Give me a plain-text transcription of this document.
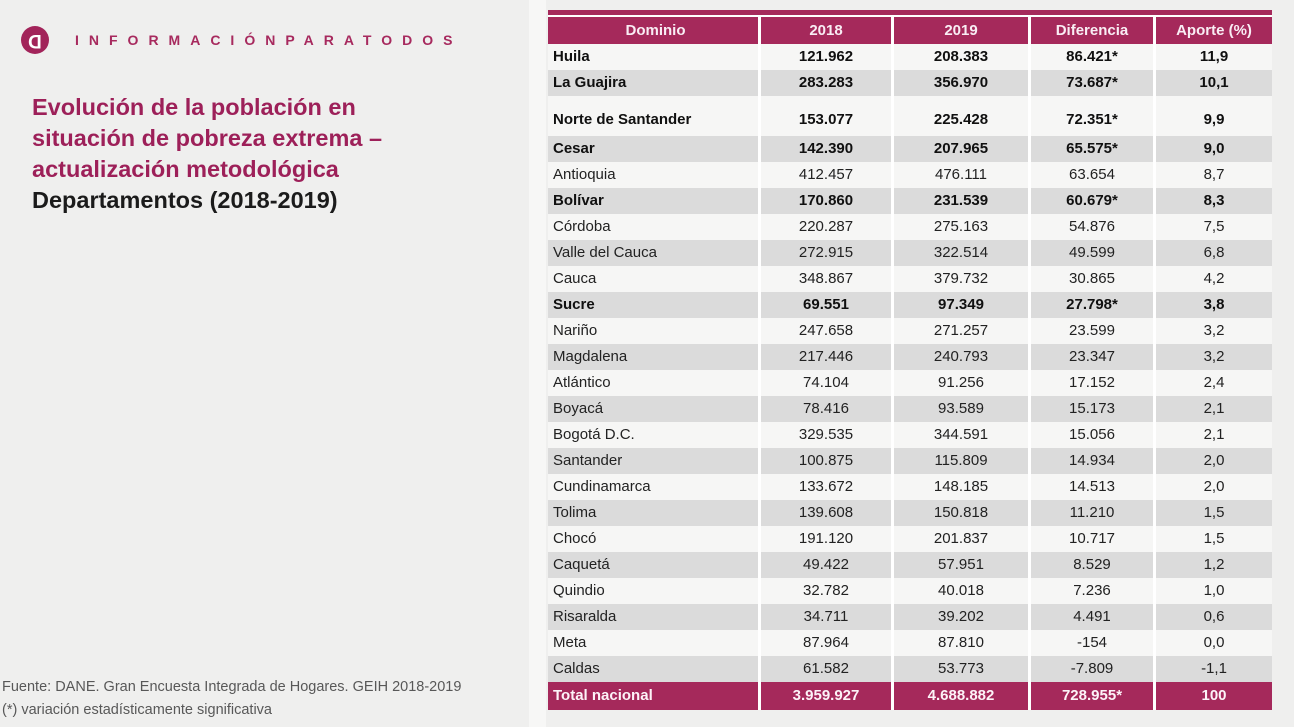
D INFORMACIÓNPARATODOS
Evolución de la población en
situación de pobreza extrema –
actualización metodológica
Departamentos (2018-2019)
Fuente: DANE. Gran Encuesta Integrada de Hogares. GEIH 2018-2019
(*) variación estadísticamente significativa
Dominio	2018	2019	Diferencia	Aporte (%)
Huila	121.962	208.383	86.421*	11,9
La Guajira	283.283	356.970	73.687*	10,1
Norte de Santander	153.077	225.428	72.351*	9,9
Cesar	142.390	207.965	65.575*	9,0
Antioquia	412.457	476.111	63.654	8,7
Bolívar	170.860	231.539	60.679*	8,3
Córdoba	220.287	275.163	54.876	7,5
Valle del Cauca	272.915	322.514	49.599	6,8
Cauca	348.867	379.732	30.865	4,2
Sucre	69.551	97.349	27.798*	3,8
Nariño	247.658	271.257	23.599	3,2
Magdalena	217.446	240.793	23.347	3,2
Atlántico	74.104	91.256	17.152	2,4
Boyacá	78.416	93.589	15.173	2,1
Bogotá D.C.	329.535	344.591	15.056	2,1
Santander	100.875	115.809	14.934	2,0
Cundinamarca	133.672	148.185	14.513	2,0
Tolima	139.608	150.818	11.210	1,5
Chocó	191.120	201.837	10.717	1,5
Caquetá	49.422	57.951	8.529	1,2
Quindio	32.782	40.018	7.236	1,0
Risaralda	34.711	39.202	4.491	0,6
Meta	87.964	87.810	-154	0,0
Caldas	61.582	53.773	-7.809	-1,1
Total nacional	3.959.927	4.688.882	728.955*	100
